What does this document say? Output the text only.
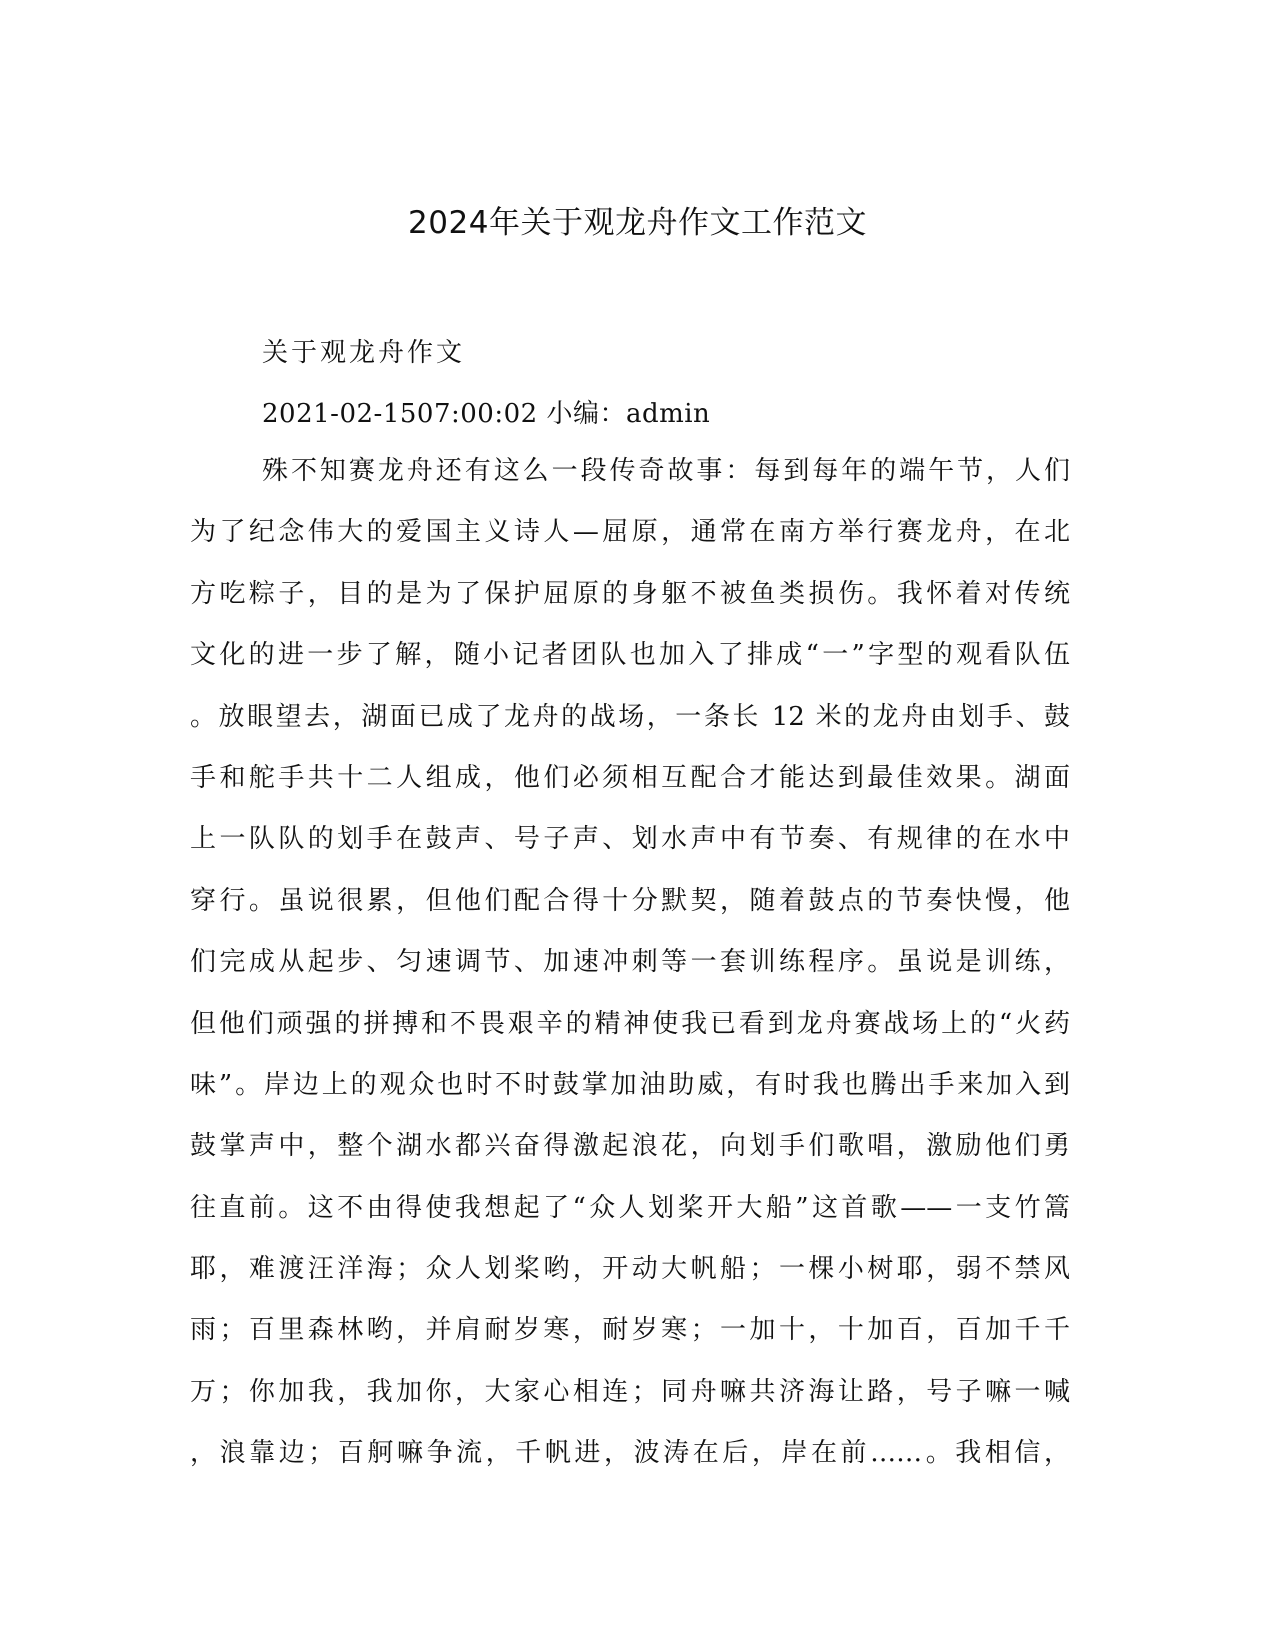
2024年关于观龙舟作文工作范文
关于观龙舟作文
2021-02-1507:00:02 小编：admin
殊不知赛龙舟还有这么一段传奇故事：每到每年的端午节，人们
为了纪念伟大的爱国主义诗人—屈原，通常在南方举行赛龙舟，在北
方吃粽子，目的是为了保护屈原的身躯不被鱼类损伤。我怀着对传统
文化的进一步了解，随小记者团队也加入了排成“一”字型的观看队伍
。放眼望去，湖面已成了龙舟的战场，一条长 12 米的龙舟由划手、鼓
手和舵手共十二人组成，他们必须相互配合才能达到最佳效果。湖面
上一队队的划手在鼓声、号子声、划水声中有节奏、有规律的在水中
穿行。虽说很累，但他们配合得十分默契，随着鼓点的节奏快慢，他
们完成从起步、匀速调节、加速冲刺等一套训练程序。虽说是训练，
但他们顽强的拼搏和不畏艰辛的精神使我已看到龙舟赛战场上的“火药
味”。岸边上的观众也时不时鼓掌加油助威，有时我也腾出手来加入到
鼓掌声中，整个湖水都兴奋得激起浪花，向划手们歌唱，激励他们勇
往直前。这不由得使我想起了“众人划桨开大船”这首歌——一支竹篙
耶，难渡汪洋海；众人划桨哟，开动大帆船；一棵小树耶，弱不禁风
雨；百里森林哟，并肩耐岁寒，耐岁寒；一加十，十加百，百加千千
万；你加我，我加你，大家心相连；同舟嘛共济海让路，号子嘛一喊
，浪靠边；百舸嘛争流，千帆进，波涛在后，岸在前……。我相信，
